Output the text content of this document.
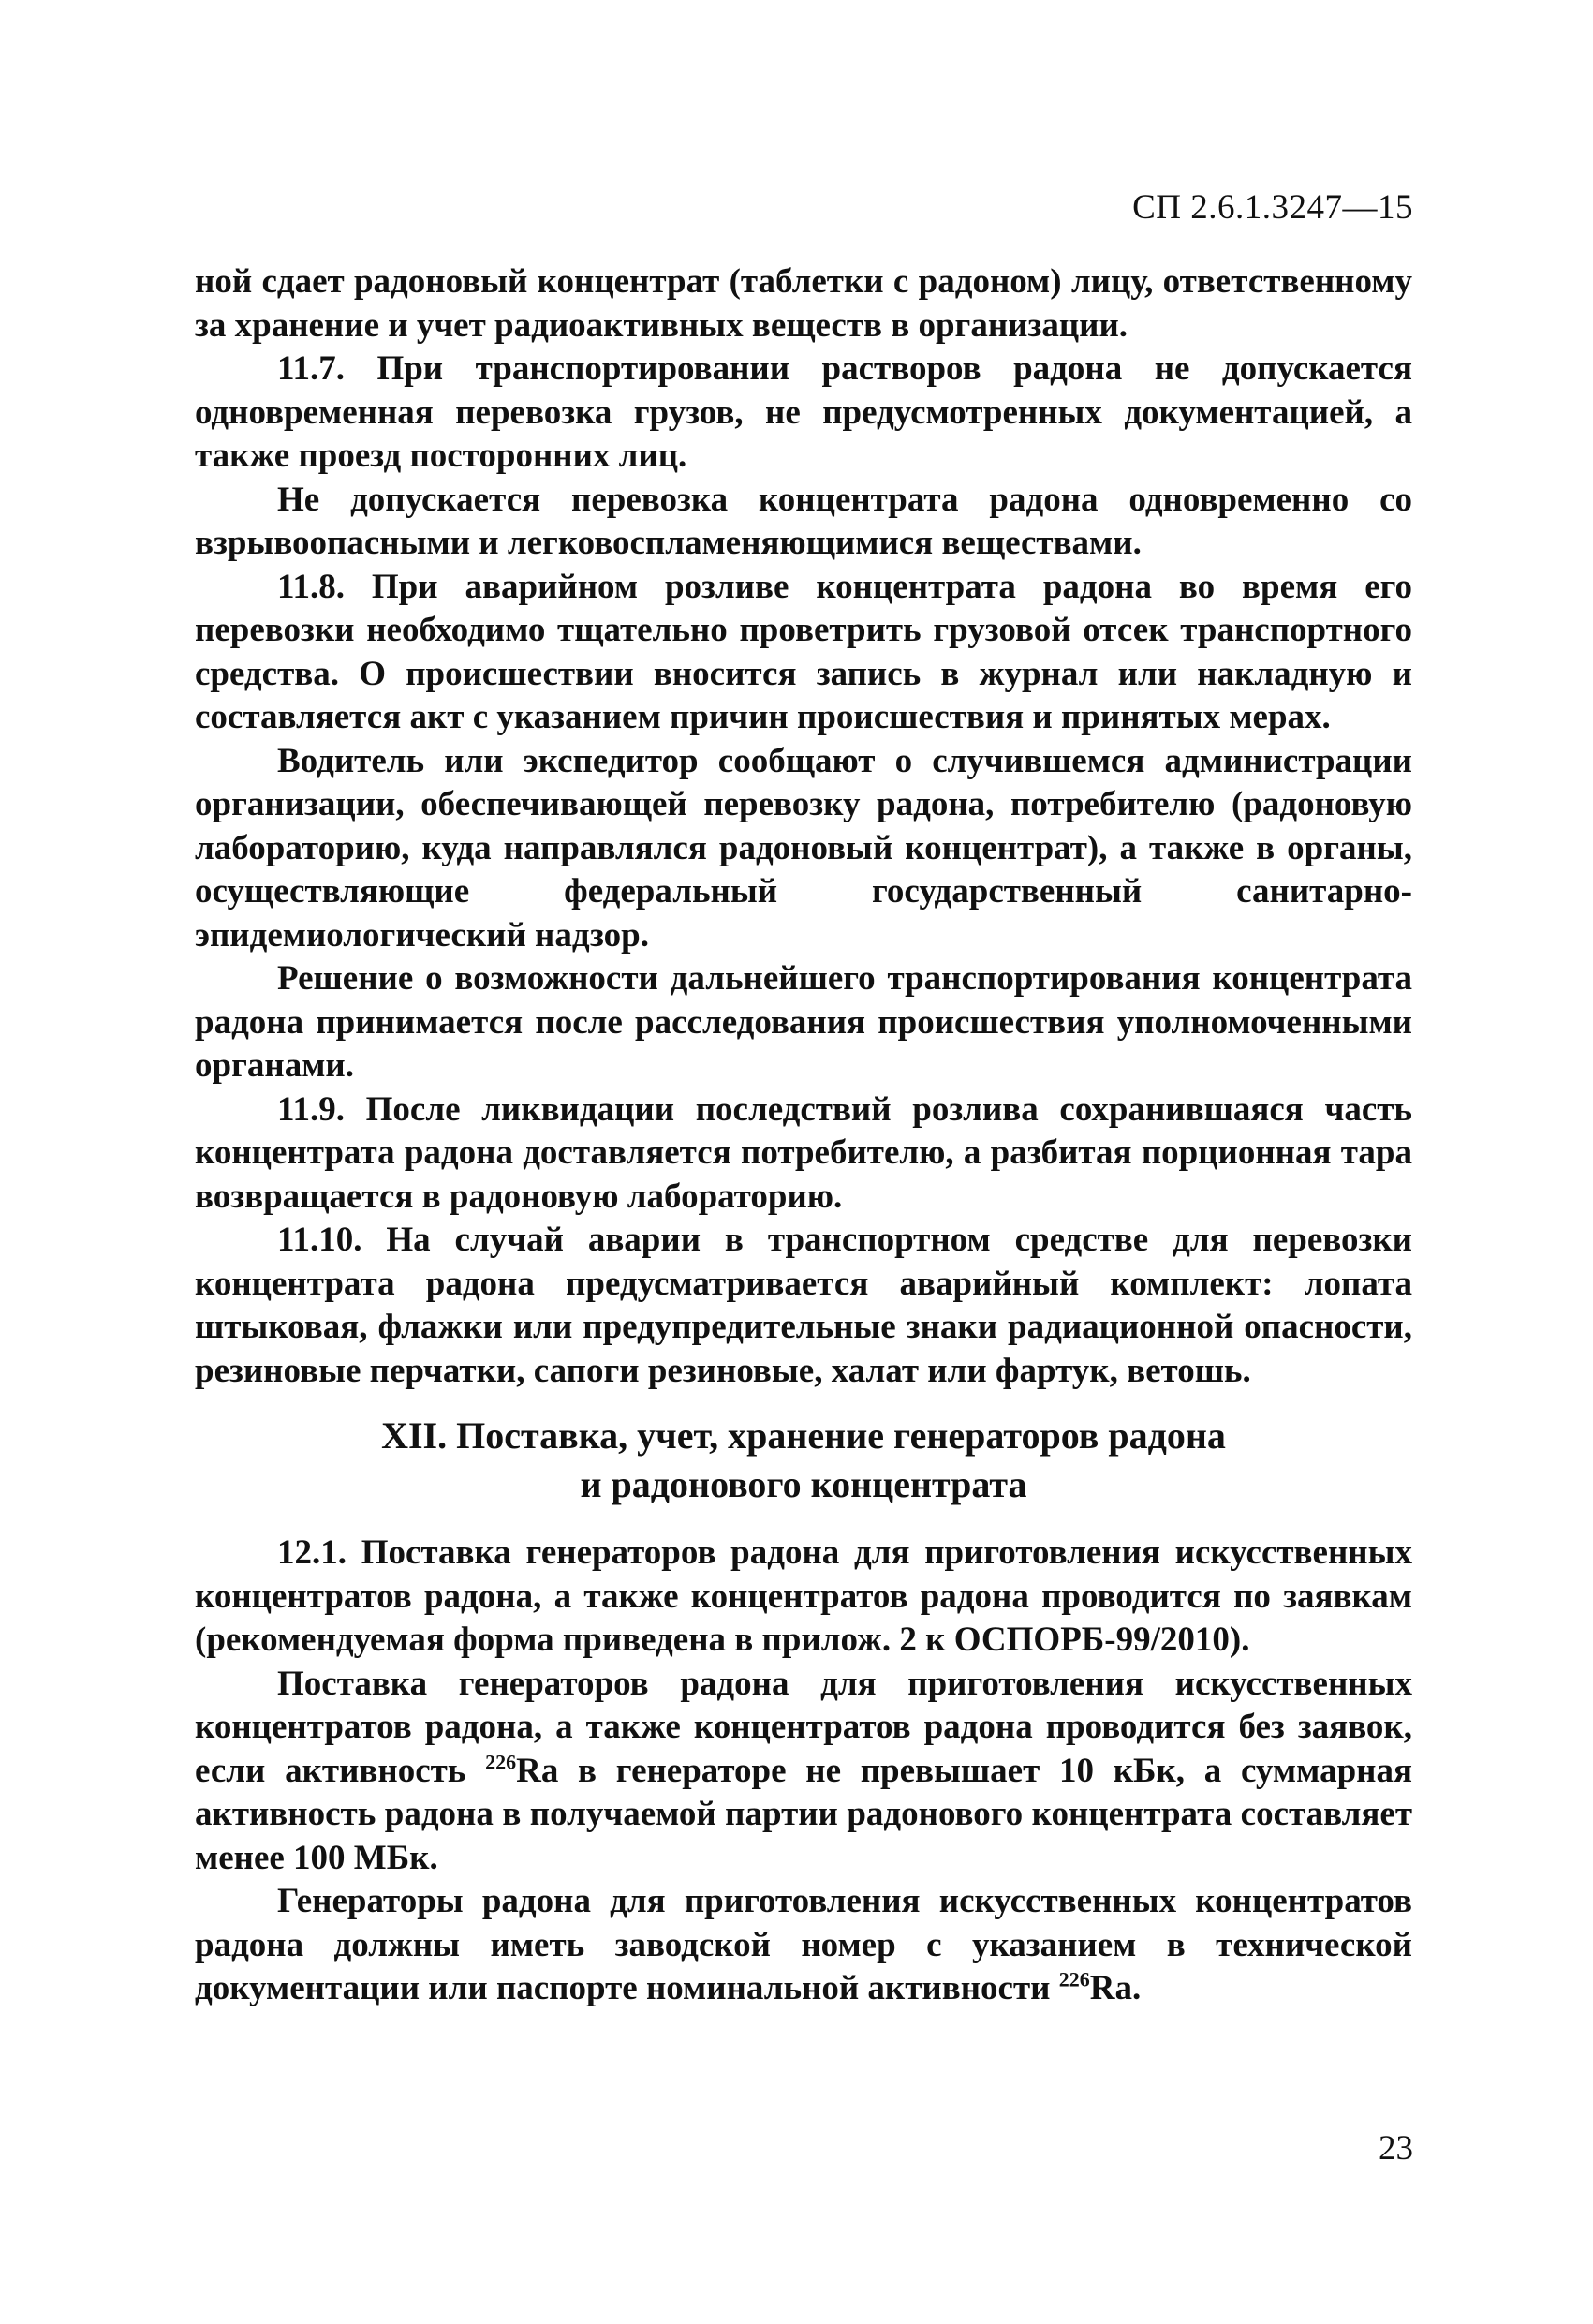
СП 2.6.1.3247—15

ной сдает радоновый концентрат (таблетки с радоном) лицу, ответственному за хранение и учет радиоактивных веществ в организации.

11.7. При транспортировании растворов радона не допускается одновременная перевозка грузов, не предусмотренных документацией, а также проезд посторонних лиц.

Не допускается перевозка концентрата радона одновременно со взрывоопасными и легковоспламеняющимися веществами.

11.8. При аварийном розливе концентрата радона во время его перевозки необходимо тщательно проветрить грузовой отсек транспортного средства. О происшествии вносится запись в журнал или накладную и составляется акт с указанием причин происшествия и принятых мерах.

Водитель или экспедитор сообщают о случившемся администрации организации, обеспечивающей перевозку радона, потребителю (радоновую лабораторию, куда направлялся радоновый концентрат), а также в органы, осуществляющие федеральный государственный санитарно-эпидемиологический надзор.

Решение о возможности дальнейшего транспортирования концентрата радона принимается после расследования происшествия уполномоченными органами.

11.9. После ликвидации последствий розлива сохранившаяся часть концентрата радона доставляется потребителю, а разбитая порционная тара возвращается в радоновую лабораторию.

11.10. На случай аварии в транспортном средстве для перевозки концентрата радона предусматривается аварийный комплект: лопата штыковая, флажки или предупредительные знаки радиационной опасности, резиновые перчатки, сапоги резиновые, халат или фартук, ветошь.

XII. Поставка, учет, хранение генераторов радона
и радонового концентрата

12.1. Поставка генераторов радона для приготовления искусственных концентратов радона, а также концентратов радона проводится по заявкам (рекомендуемая форма приведена в прилож. 2 к ОСПОРБ-99/2010).

Поставка генераторов радона для приготовления искусственных концентратов радона, а также концентратов радона проводится без заявок, если активность $^{226}$Ra в генераторе не превышает 10 кБк, а суммарная активность радона в получаемой партии радонового концентрата составляет менее 100 МБк.

Генераторы радона для приготовления искусственных концентратов радона должны иметь заводской номер с указанием в технической документации или паспорте номинальной активности $^{226}$Ra.

23
